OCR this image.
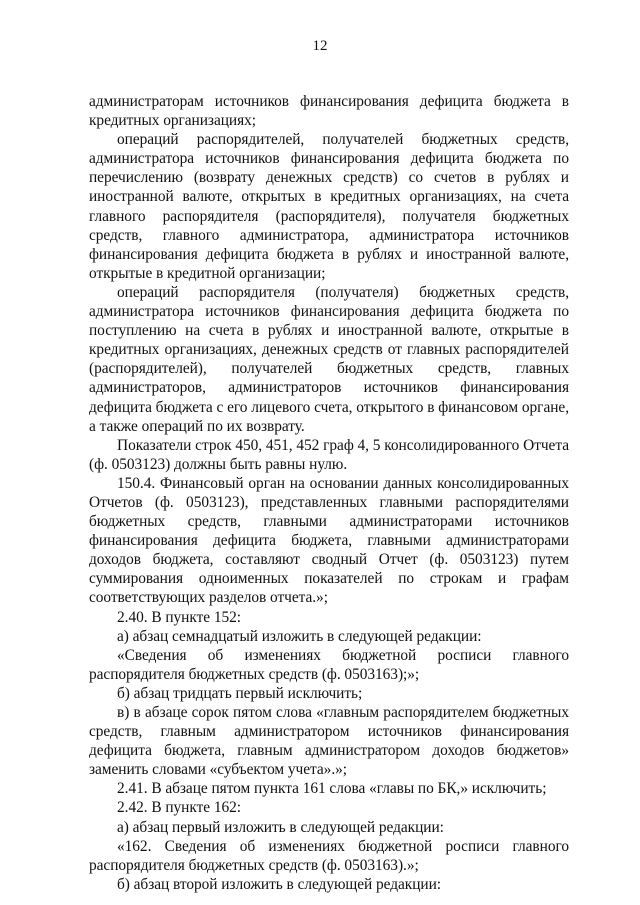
12

администраторам источников финансирования дефицита бюджета в кредитных организациях;

операций распорядителей, получателей бюджетных средств, администратора источников финансирования дефицита бюджета по перечислению (возврату денежных средств) со счетов в рублях и иностранной валюте, открытых в кредитных организациях, на счета главного распорядителя (распорядителя), получателя бюджетных средств, главного администратора, администратора источников финансирования дефицита бюджета в рублях и иностранной валюте, открытые в кредитной организации;

операций распорядителя (получателя) бюджетных средств, администратора источников финансирования дефицита бюджета по поступлению на счета в рублях и иностранной валюте, открытые в кредитных организациях, денежных средств от главных распорядителей (распорядителей), получателей бюджетных средств, главных администраторов, администраторов источников финансирования дефицита бюджета с его лицевого счета, открытого в финансовом органе, а также операций по их возврату.

Показатели строк 450, 451, 452 граф 4, 5 консолидированного Отчета (ф. 0503123) должны быть равны нулю.

150.4. Финансовый орган на основании данных консолидированных Отчетов (ф. 0503123), представленных главными распорядителями бюджетных средств, главными администраторами источников финансирования дефицита бюджета, главными администраторами доходов бюджета, составляют сводный Отчет (ф. 0503123) путем суммирования одноименных показателей по строкам и графам соответствующих разделов отчета.»;

2.40. В пункте 152:

а) абзац семнадцатый изложить в следующей редакции:

«Сведения об изменениях бюджетной росписи главного распорядителя бюджетных средств (ф. 0503163);»;

б) абзац тридцать первый исключить;

в) в абзаце сорок пятом слова «главным распорядителем бюджетных средств, главным администратором источников финансирования дефицита бюджета, главным администратором доходов бюджетов» заменить словами «субъектом учета».»;

2.41. В абзаце пятом пункта 161 слова «главы по БК,» исключить;

2.42. В пункте 162:

а) абзац первый изложить в следующей редакции:

«162. Сведения об изменениях бюджетной росписи главного распорядителя бюджетных средств (ф. 0503163).»;

б) абзац второй изложить в следующей редакции:
